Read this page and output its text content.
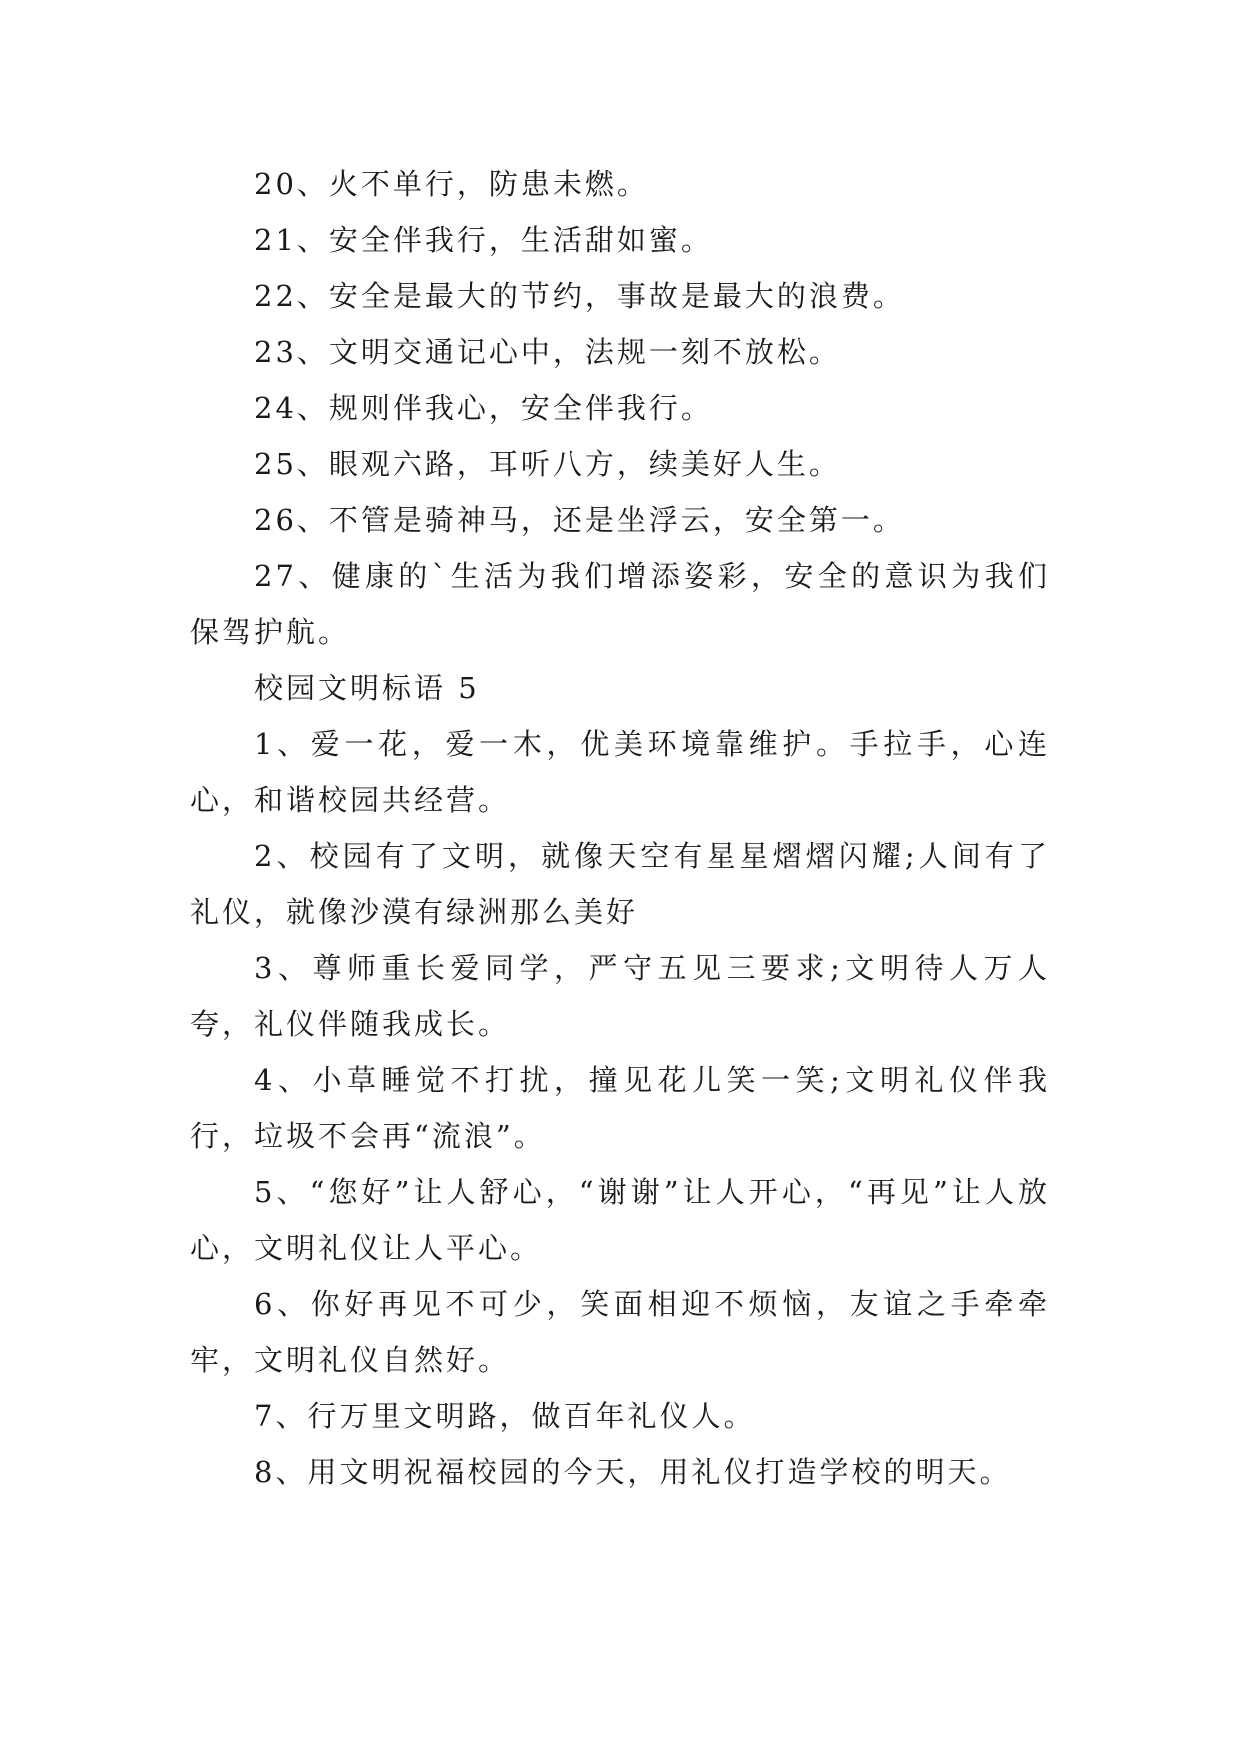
20、火不单行，防患未燃。

21、安全伴我行，生活甜如蜜。

22、安全是最大的节约，事故是最大的浪费。

23、文明交通记心中，法规一刻不放松。

24、规则伴我心，安全伴我行。

25、眼观六路，耳听八方，续美好人生。

26、不管是骑神马，还是坐浮云，安全第一。

27、健康的`生活为我们增添姿彩，安全的意识为我们保驾护航。

校园文明标语 5

1、爱一花，爱一木，优美环境靠维护。手拉手，心连心，和谐校园共经营。

2、校园有了文明，就像天空有星星熠熠闪耀;人间有了礼仪，就像沙漠有绿洲那么美好

3、尊师重长爱同学，严守五见三要求;文明待人万人夸，礼仪伴随我成长。

4、小草睡觉不打扰，撞见花儿笑一笑;文明礼仪伴我行，垃圾不会再“流浪”。

5、“您好”让人舒心，“谢谢”让人开心，“再见”让人放心，文明礼仪让人平心。

6、你好再见不可少，笑面相迎不烦恼，友谊之手牵牵牢，文明礼仪自然好。

7、行万里文明路，做百年礼仪人。

8、用文明祝福校园的今天，用礼仪打造学校的明天。
